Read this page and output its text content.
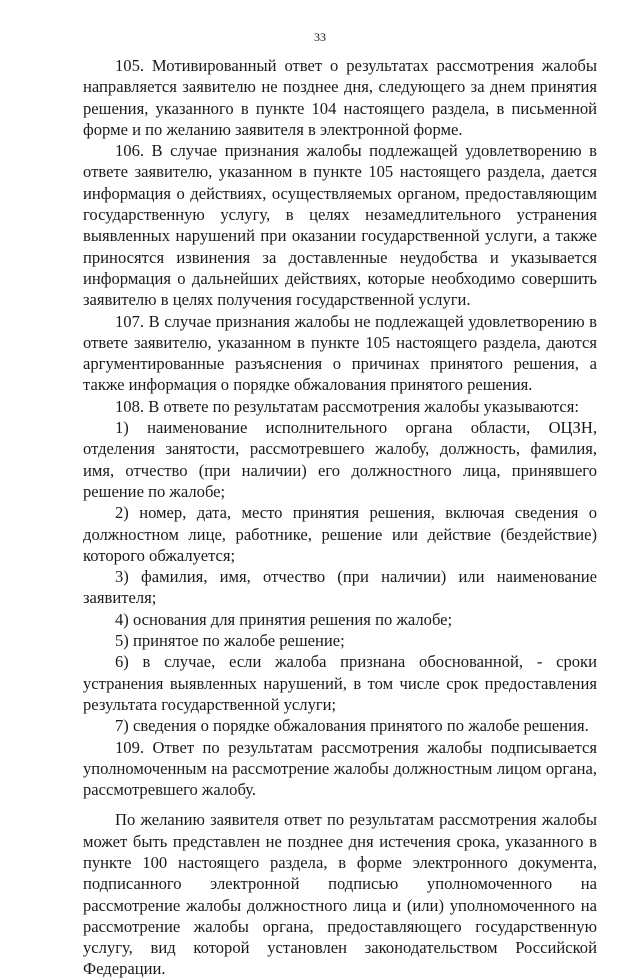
33

105. Мотивированный ответ о результатах рассмотрения жалобы направляется заявителю не позднее дня, следующего за днем принятия решения, указанного в пункте 104 настоящего раздела, в письменной форме и по желанию заявителя в электронной форме.

106. В случае признания жалобы подлежащей удовлетворению в ответе заявителю, указанном в пункте 105 настоящего раздела, дается информация о действиях, осуществляемых органом, предоставляющим государственную услугу, в целях незамедлительного устранения выявленных нарушений при оказании государственной услуги, а также приносятся извинения за доставленные неудобства и указывается информация о дальнейших действиях, которые необходимо совершить заявителю в целях получения государственной услуги.

107. В случае признания жалобы не подлежащей удовлетворению в ответе заявителю, указанном в пункте 105 настоящего раздела, даются аргументированные разъяснения о причинах принятого решения, а также информация о порядке обжалования принятого решения.

108. В ответе по результатам рассмотрения жалобы указываются:

1) наименование исполнительного органа области, ОЦЗН, отделения занятости, рассмотревшего жалобу, должность, фамилия, имя, отчество (при наличии) его должностного лица, принявшего решение по жалобе;

2) номер, дата, место принятия решения, включая сведения о должностном лице, работнике, решение или действие (бездействие) которого обжалуется;

3) фамилия, имя, отчество (при наличии) или наименование заявителя;

4) основания для принятия решения по жалобе;

5) принятое по жалобе решение;

6) в случае, если жалоба признана обоснованной, - сроки устранения выявленных нарушений, в том числе срок предоставления результата государственной услуги;

7) сведения о порядке обжалования принятого по жалобе решения.

109. Ответ по результатам рассмотрения жалобы подписывается уполномоченным на рассмотрение жалобы должностным лицом органа, рассмотревшего жалобу.

По желанию заявителя ответ по результатам рассмотрения жалобы может быть представлен не позднее дня истечения срока, указанного в пункте 100 настоящего раздела, в форме электронного документа, подписанного электронной подписью уполномоченного на рассмотрение жалобы должностного лица и (или) уполномоченного на рассмотрение жалобы органа, предоставляющего государственную услугу, вид которой установлен законодательством Российской Федерации.
